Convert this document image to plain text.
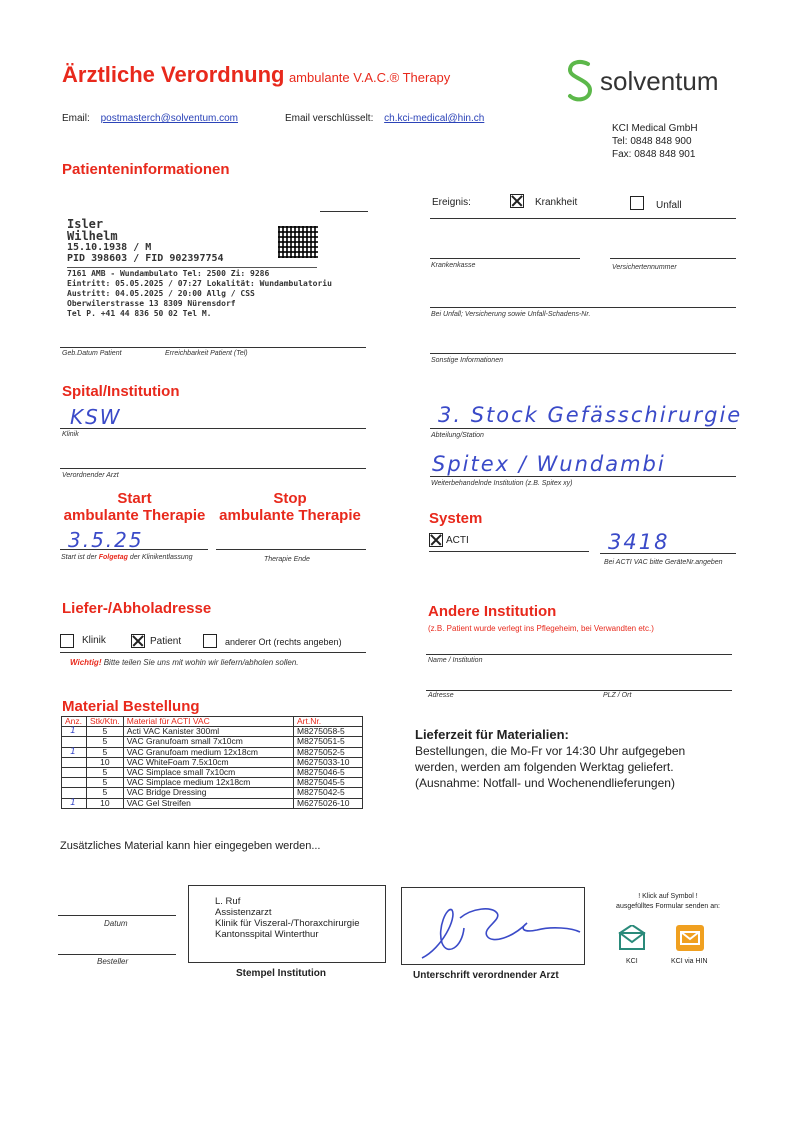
Ärztliche Verordnung ambulante V.A.C.® Therapy
Email: postmasterch@solventum.com	Email verschlüsselt: ch.kci-medical@hin.ch
solventum
KCI Medical GmbH
Tel: 0848 848 900
Fax: 0848 848 901
Patienteninformationen
Isler
Wilhelm
15.10.1938 / M
PID 398603 / FID 902397754
7161 AMB - Wundambulato Tel: 2500 Zi: 9286
Eintritt: 05.05.2025 / 07:27 Lokalität: Wundambulatoriu
Austritt: 04.05.2025 / 20:00 Allg / CSS
Oberwilerstrasse 13 8309 Nürensdorf
Tel P. +41 44 836 50 02 Tel M.
Geb.Datum Patient	Erreichbarkeit Patient (Tel)
Ereignis:	Krankheit	Unfall
Krankenkasse	Versichertennummer
Bei Unfall; Versicherung sowie Unfall-Schadens-Nr.
Sonstige Informationen
Spital/Institution
KSW
Klinik
Verordnender Arzt
3. Stock Gefässchirurgie
Abteilung/Station
Spitex / Wundambi
Weiterbehandelnde Institution (z.B. Spitex xy)
Start
ambulante Therapie
Stop
ambulante Therapie
3.5.25
Start ist der Folgetag der Klinikentlassung	Therapie Ende
System
ACTI	3418
Bei ACTI VAC bitte GeräteNr.angeben
Liefer-/Abholadresse
Klinik	Patient	anderer Ort (rechts angeben)
Wichtig! Bitte teilen Sie uns mit wohin wir liefern/abholen sollen.
Andere Institution
(z.B. Patient wurde verlegt ins Pflegeheim, bei Verwandten etc.)
Name / Institution
Adresse	PLZ / Ort
Material Bestellung
Anz.	Stk/Ktn.	Material für ACTI VAC	Art.Nr.
1	5	Acti VAC Kanister 300ml	M8275058-5
	5	VAC Granufoam small 7x10cm	M8275051-5
1	5	VAC Granufoam medium 12x18cm	M8275052-5
	10	VAC WhiteFoam 7.5x10cm	M6275033-10
	5	VAC Simplace small 7x10cm	M8275046-5
	5	VAC Simplace medium 12x18cm	M8275045-5
	5	VAC Bridge Dressing	M8275042-5
1	10	VAC Gel Streifen	M6275026-10
Zusätzliches Material kann hier eingegeben werden...
Lieferzeit für Materialien:
Bestellungen, die Mo-Fr vor 14:30 Uhr aufgegeben
werden, werden am folgenden Werktag geliefert.
(Ausnahme: Notfall- und Wochenendlieferungen)
Datum
Besteller
L. Ruf
Assistenzarzt
Klinik für Viszeral-/Thoraxchirurgie
Kantonsspital Winterthur
Stempel Institution	Unterschrift verordnender Arzt
! Klick auf Symbol !
ausgefülltes Formular senden an:
KCI	KCI via HIN
